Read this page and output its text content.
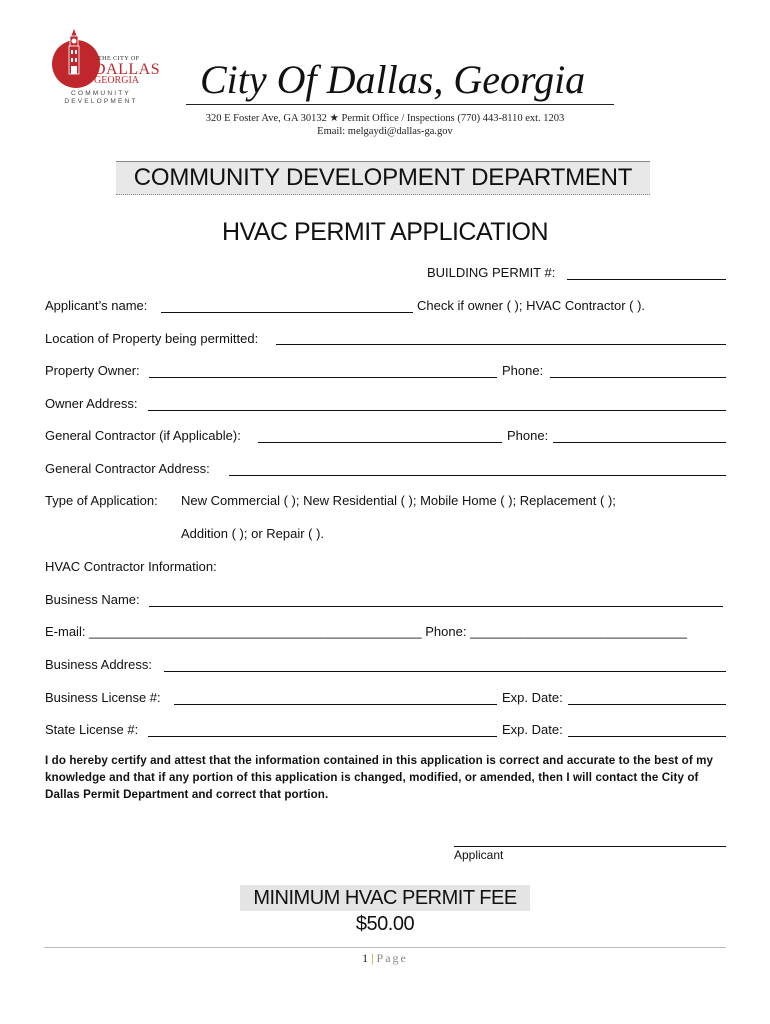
THE CITY OF
DALLAS
GEORGIA
COMMUNITY DEVELOPMENT City Of Dallas, Georgia
320 E Foster Ave, GA 30132 ★ Permit Office / Inspections (770) 443-8110 ext. 1203
Email: melgaydi@dallas-ga.gov
COMMUNITY DEVELOPMENT DEPARTMENT
HVAC PERMIT APPLICATION
BUILDING PERMIT #:
Applicant’s name:	Check if owner ( ); HVAC Contractor ( ).
Location of Property being permitted:
Property Owner:	Phone:
Owner Address:
General Contractor (if Applicable):	Phone:
General Contractor Address:
Type of Application: New Commercial ( ); New Residential ( ); Mobile Home ( ); Replacement ( );
Addition ( ); or Repair ( ).
HVAC Contractor Information:
Business Name:
E-mail: ______________________________________________ Phone: ______________________________
Business Address:
Business License #:	Exp. Date:
State License #:	Exp. Date:
I do hereby certify and attest that the information contained in this application is correct and accurate to the best of my knowledge and that if any portion of this application is changed, modified, or amended, then I will contact the City of Dallas Permit Department and correct that portion.
Applicant
MINIMUM HVAC PERMIT FEE $50.00
1 | Page
